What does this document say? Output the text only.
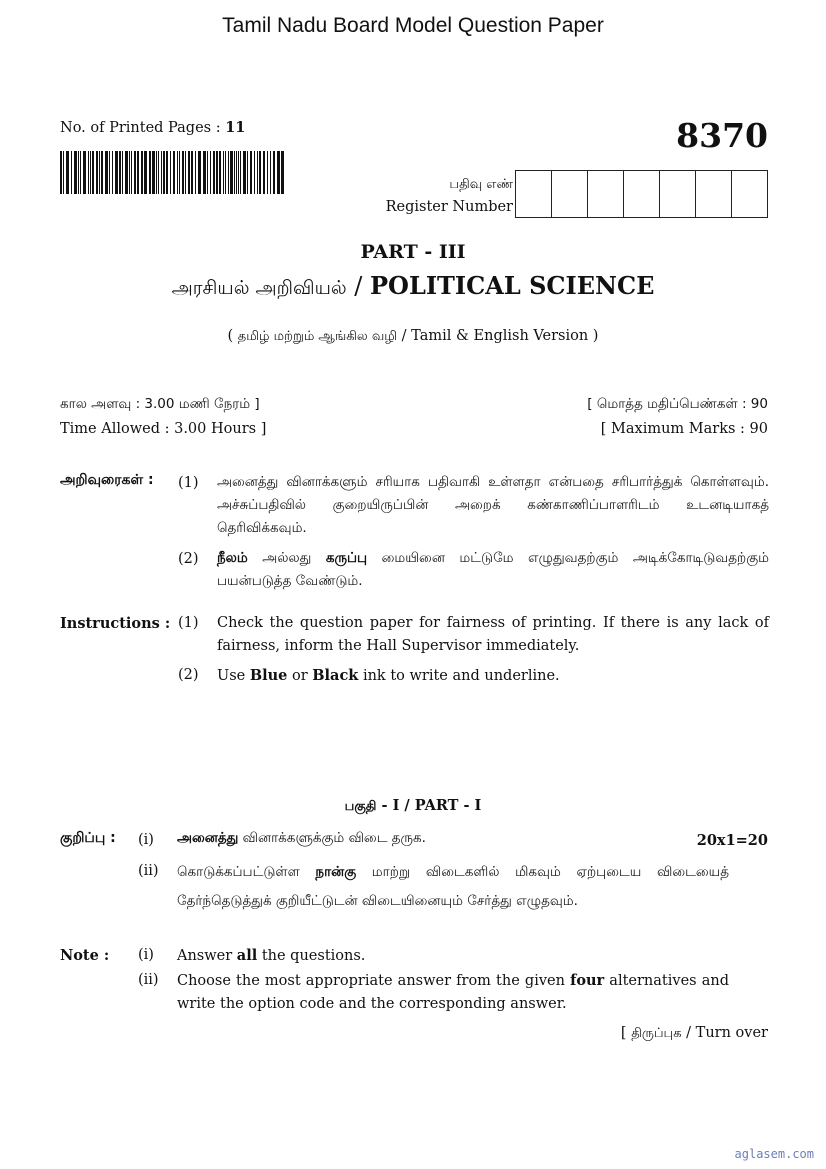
Tamil Nadu Board Model Question Paper
No. of Printed Pages : 11	8370
பதிவு எண்
Register Number
PART - III
அரசியல் அறிவியல் / POLITICAL SCIENCE
( தமிழ் மற்றும் ஆங்கில வழி / Tamil & English Version )
கால அளவு : 3.00 மணி நேரம் ]	[ மொத்த மதிப்பெண்கள் : 90
Time Allowed : 3.00 Hours ]	[ Maximum Marks : 90
அறிவுரைகள் : (1) அனைத்து வினாக்களும் சரியாக பதிவாகி உள்ளதா என்பதை சரிபார்த்துக் கொள்ளவும். அச்சுப்பதிவில் குறையிருப்பின் அறைக் கண்காணிப்பாளரிடம் உடனடியாகத் தெரிவிக்கவும்.
(2) நீலம் அல்லது கருப்பு மையினை மட்டுமே எழுதுவதற்கும் அடிக்கோடிடுவதற்கும் பயன்படுத்த வேண்டும்.
Instructions : (1) Check the question paper for fairness of printing. If there is any lack of fairness, inform the Hall Supervisor immediately.
(2) Use Blue or Black ink to write and underline.
பகுதி - I / PART - I
குறிப்பு : (i) அனைத்து வினாக்களுக்கும் விடை தருக.	20x1=20
(ii) கொடுக்கப்பட்டுள்ள நான்கு மாற்று விடைகளில் மிகவும் ஏற்புடைய விடையைத் தேர்ந்தெடுத்துக் குறியீட்டுடன் விடையினையும் சேர்த்து எழுதவும்.
Note : (i) Answer all the questions.
(ii) Choose the most appropriate answer from the given four alternatives and write the option code and the corresponding answer.
[ திருப்புக / Turn over
aglasem.com
